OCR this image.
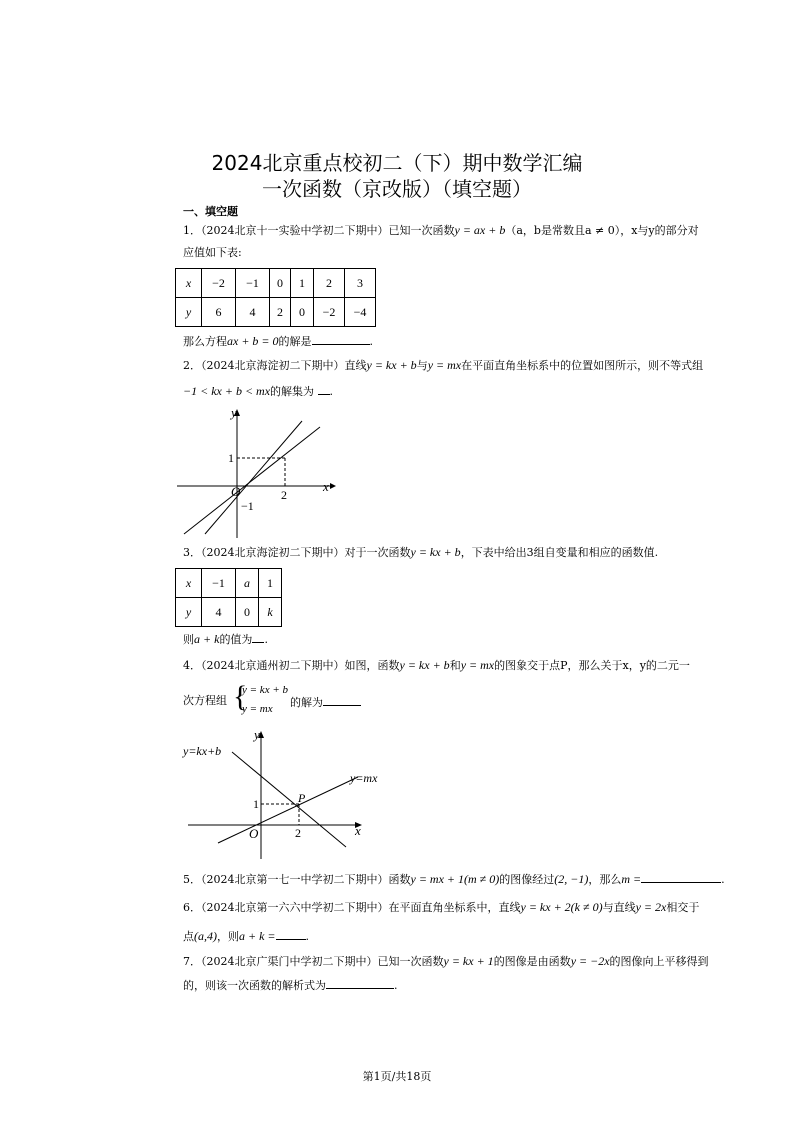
2024北京重点校初二（下）期中数学汇编
一次函数（京改版）（填空题）
一、填空题
1．（2024北京十一实验中学初二下期中）已知一次函数y = ax + b（a，b是常数且a ≠ 0），x与y的部分对
应值如下表:
x	−2	−1	0	1	2	3
y	6	4	2	0	−2	−4
那么方程ax + b = 0的解是	.
2．（2024北京海淀初二下期中）直线y = kx + b与y = mx在平面直角坐标系中的位置如图所示，则不等式组
−1 < kx + b < mx的解集为 .
y
x
O
1
2
−1
3．（2024北京海淀初二下期中）对于一次函数y = kx + b，下表中给出3组自变量和相应的函数值.
x	−1	a	1
y	4	0	k
则a + k的值为 .
4．（2024北京通州初二下期中）如图，函数y = kx + b和y = mx的图象交于点P，那么关于x，y的二元一
次方程组 {
y = kx + b
y = mx 的解为
y=kx+b
y=mx
P
y
x
O
1
2
5．（2024北京第一七一中学初二下期中）函数y = mx + 1(m ≠ 0)的图像经过(2, −1)，那么m =	.
6．（2024北京第一六六中学初二下期中）在平面直角坐标系中，直线y = kx + 2(k ≠ 0)与直线y = 2x相交于
点(a,4)，则a + k =	.
7．（2024北京广渠门中学初二下期中）已知一次函数y = kx + 1的图像是由函数y = −2x的图像向上平移得到
的，则该一次函数的解析式为	.
第1页/共18页
